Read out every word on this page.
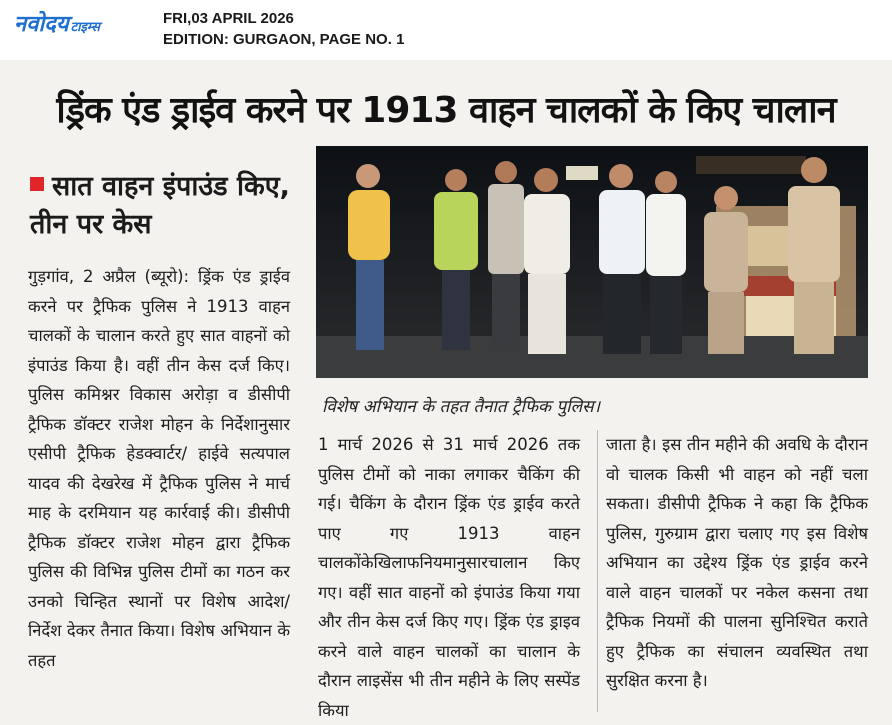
नवोदय टाइम्स
FRI,03 APRIL 2026
EDITION: GURGAON, PAGE NO. 1
ड्रिंक एंड ड्राईव करने पर 1913 वाहन चालकों के किए चालान
सात वाहन इंपाउंड किए, तीन पर केस
गुड़गांव, 2 अप्रैल (ब्यूरो): ड्रिंक एंड ड्राईव करने पर ट्रैफिक पुलिस ने 1913 वाहन चालकों के चालान करते हुए सात वाहनों को इंपाउंड किया है। वहीं तीन केस दर्ज किए। पुलिस कमिश्नर विकास अरोड़ा व डीसीपी ट्रैफिक डॉक्टर राजेश मोहन के निर्देशानुसार एसीपी ट्रैफिक हेडक्वार्टर/ हाईवे सत्यपाल यादव की देखरेख में ट्रैफिक पुलिस ने मार्च माह के दरमियान यह कार्रवाई की। डीसीपी ट्रैफिक डॉक्टर राजेश मोहन द्वारा ट्रैफिक पुलिस की विभिन्न पुलिस टीमों का गठन कर उनको चिन्हित स्थानों पर विशेष आदेश/ निर्देश देकर तैनात किया। विशेष अभियान के तहत
विशेष अभियान के तहत तैनात ट्रैफिक पुलिस।
1 मार्च 2026 से 31 मार्च 2026 तक पुलिस टीमों को नाका लगाकर चैकिंग की गई। चैकिंग के दौरान ड्रिंक एंड ड्राईव करते पाए गए 1913 वाहन चालकोंकेखिलाफनियमानुसारचालान किए गए। वहीं सात वाहनों को इंपाउंड किया गया और तीन केस दर्ज किए गए। ड्रिंक एंड ड्राइव करने वाले वाहन चालकों का चालान के दौरान लाइसेंस भी तीन महीने के लिए सस्पेंड किया
जाता है। इस तीन महीने की अवधि के दौरान वो चालक किसी भी वाहन को नहीं चला सकता। डीसीपी ट्रैफिक ने कहा कि ट्रैफिक पुलिस, गुरुग्राम द्वारा चलाए गए इस विशेष अभियान का उद्देश्य ड्रिंक एंड ड्राईव करने वाले वाहन चालकों पर नकेल कसना तथा ट्रैफिक नियमों की पालना सुनिश्चित कराते हुए ट्रैफिक का संचालन व्यवस्थित तथा सुरक्षित करना है।
